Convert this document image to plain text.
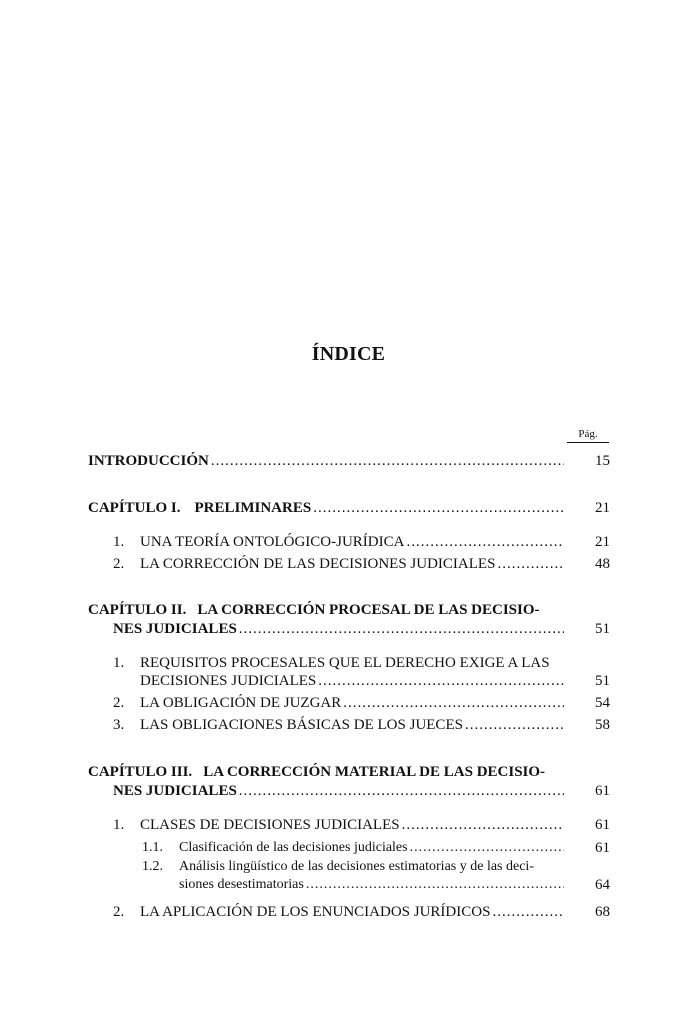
ÍNDICE
Pág.
INTRODUCCIÓN .....	15
CAPÍTULO I. PRELIMINARES .....	21
1. UNA TEORÍA ONTOLÓGICO-JURÍDICA .....	21
2. LA CORRECCIÓN DE LAS DECISIONES JUDICIALES .....	48
CAPÍTULO II. LA CORRECCIÓN PROCESAL DE LAS DECISIO-
NES JUDICIALES .....	51
1. REQUISITOS PROCESALES QUE EL DERECHO EXIGE A LAS
DECISIONES JUDICIALES .....	51
2. LA OBLIGACIÓN DE JUZGAR .....	54
3. LAS OBLIGACIONES BÁSICAS DE LOS JUECES .....	58
CAPÍTULO III. LA CORRECCIÓN MATERIAL DE LAS DECISIO-
NES JUDICIALES .....	61
1. CLASES DE DECISIONES JUDICIALES .....	61
1.1. Clasificación de las decisiones judiciales .....	61
1.2. Análisis lingüístico de las decisiones estimatorias y de las deci-
siones desestimatorias .....	64
2. LA APLICACIÓN DE LOS ENUNCIADOS JURÍDICOS .....	68
